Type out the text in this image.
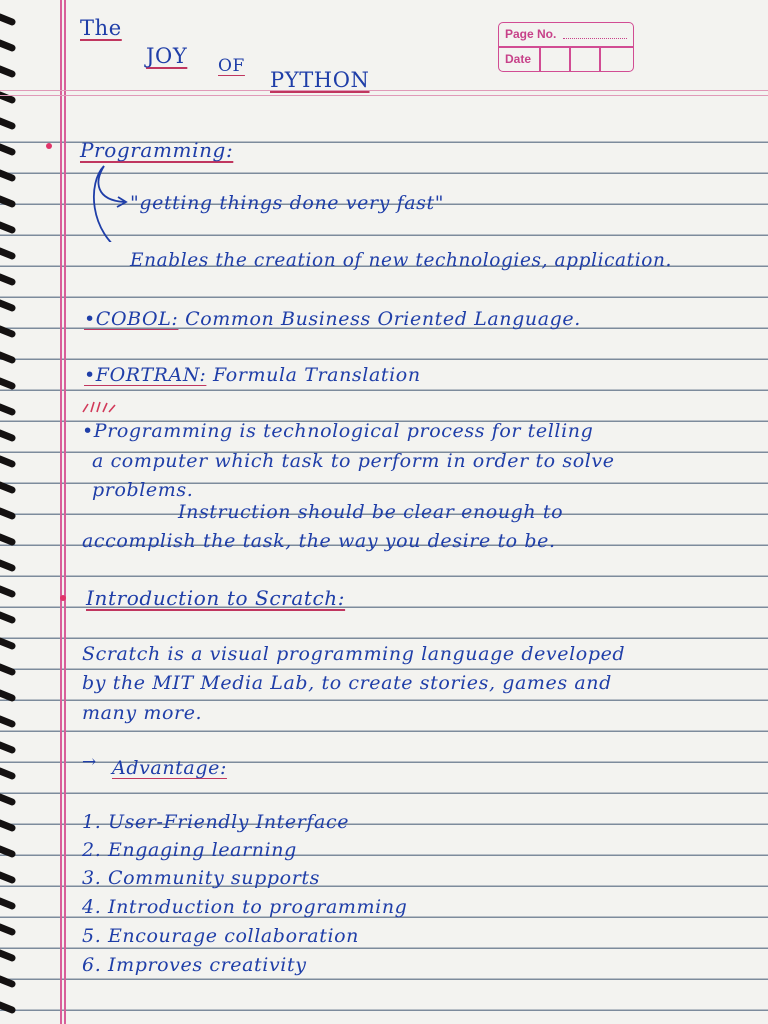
Page No.
Date
The
JOY OF
PYTHON
Programming:
"getting things done very fast"
Enables the creation of new technologies, application.
•COBOL: Common Business Oriented Language.
•FORTRAN: Formula Translation
•Programming is technological process for telling
a computer which task to perform in order to solve
problems.
Instruction should be clear enough to
accomplish the task, the way you desire to be.
Introduction to Scratch:
Scratch is a visual programming language developed
by the MIT Media Lab, to create stories, games and
many more.
→ Advantage:
1. User-Friendly Interface
2. Engaging learning
3. Community supports
4. Introduction to programming
5. Encourage collaboration
6. Improves creativity
